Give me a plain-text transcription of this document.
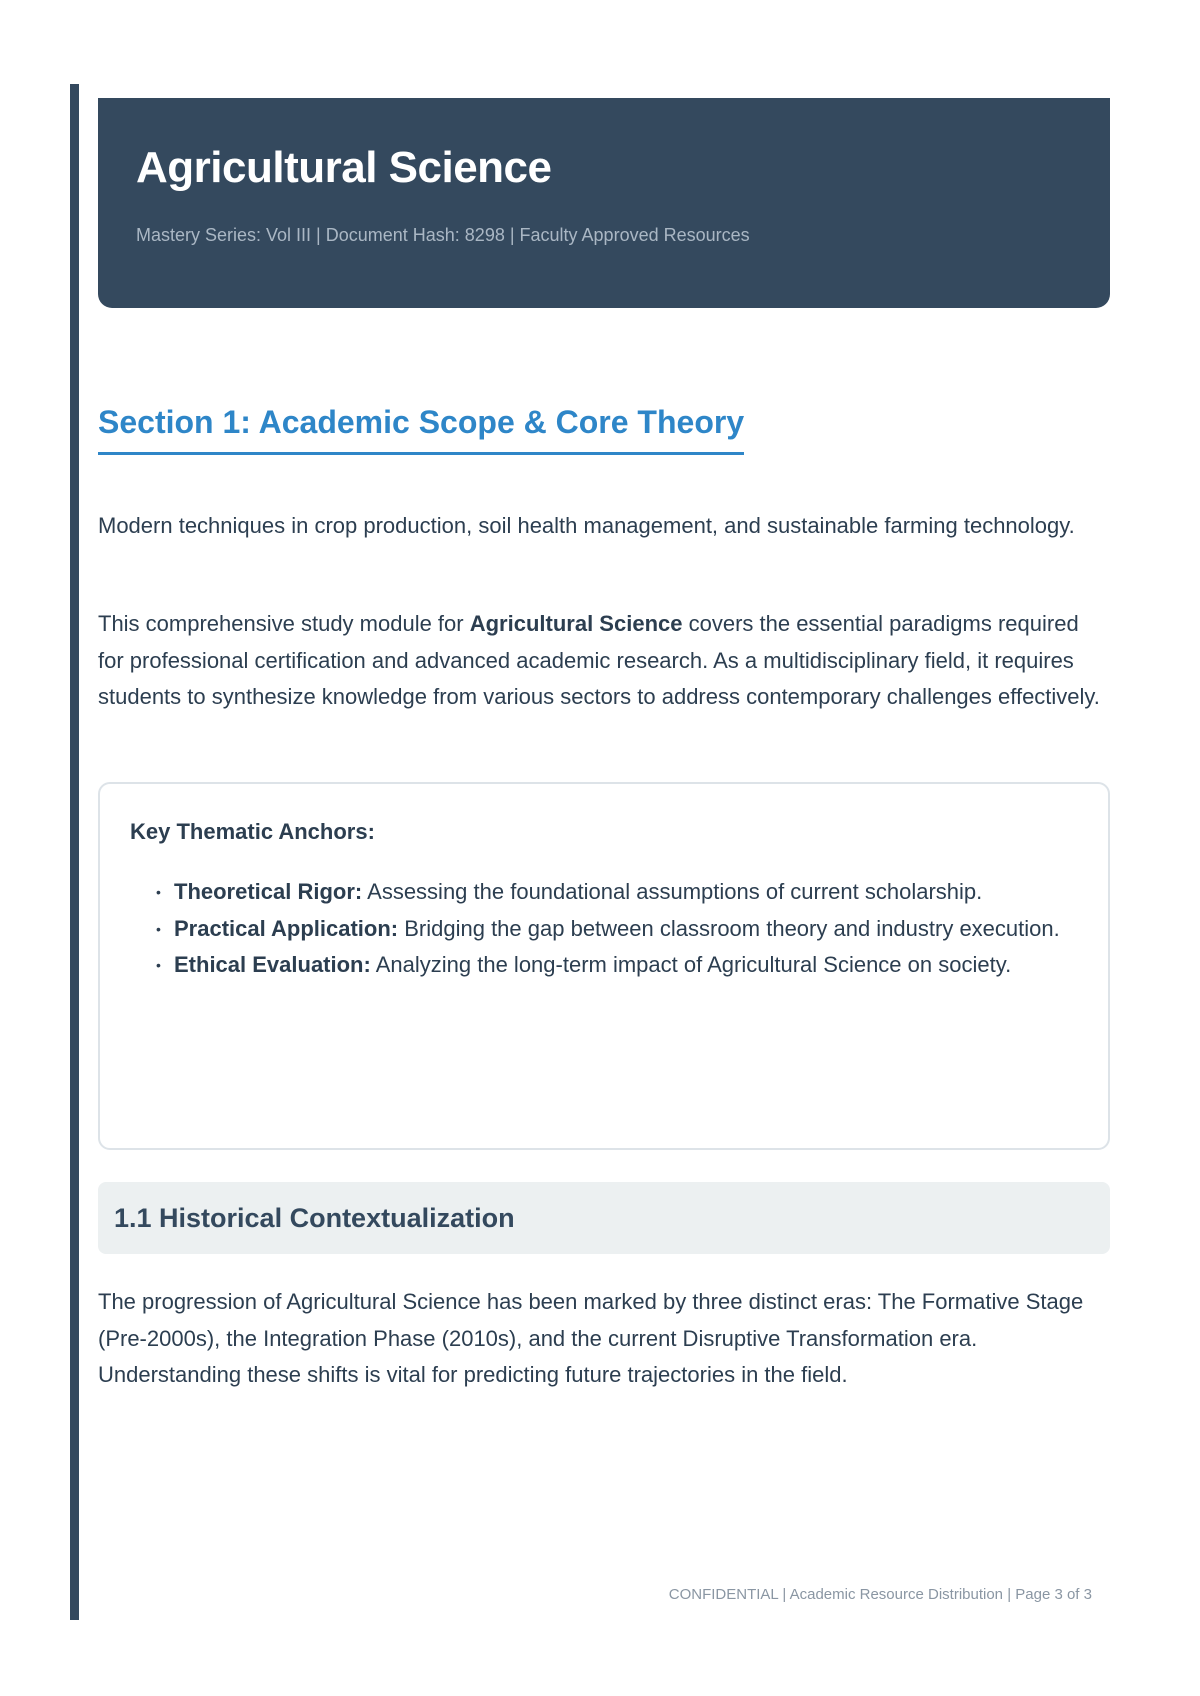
Agricultural Science
Mastery Series: Vol III | Document Hash: 8298 | Faculty Approved Resources
Section 1: Academic Scope & Core Theory

Modern techniques in crop production, soil health management, and sustainable farming technology.

This comprehensive study module for Agricultural Science covers the essential paradigms required for professional certification and advanced academic research. As a multidisciplinary field, it requires students to synthesize knowledge from various sectors to address contemporary challenges effectively.

Key Thematic Anchors:

• Theoretical Rigor: Assessing the foundational assumptions of current scholarship.
• Practical Application: Bridging the gap between classroom theory and industry execution.
• Ethical Evaluation: Analyzing the long-term impact of Agricultural Science on society.
1.1 Historical Contextualization

The progression of Agricultural Science has been marked by three distinct eras: The Formative Stage (Pre-2000s), the Integration Phase (2010s), and the current Disruptive Transformation era. Understanding these shifts is vital for predicting future trajectories in the field.

CONFIDENTIAL | Academic Resource Distribution | Page 3 of 3
